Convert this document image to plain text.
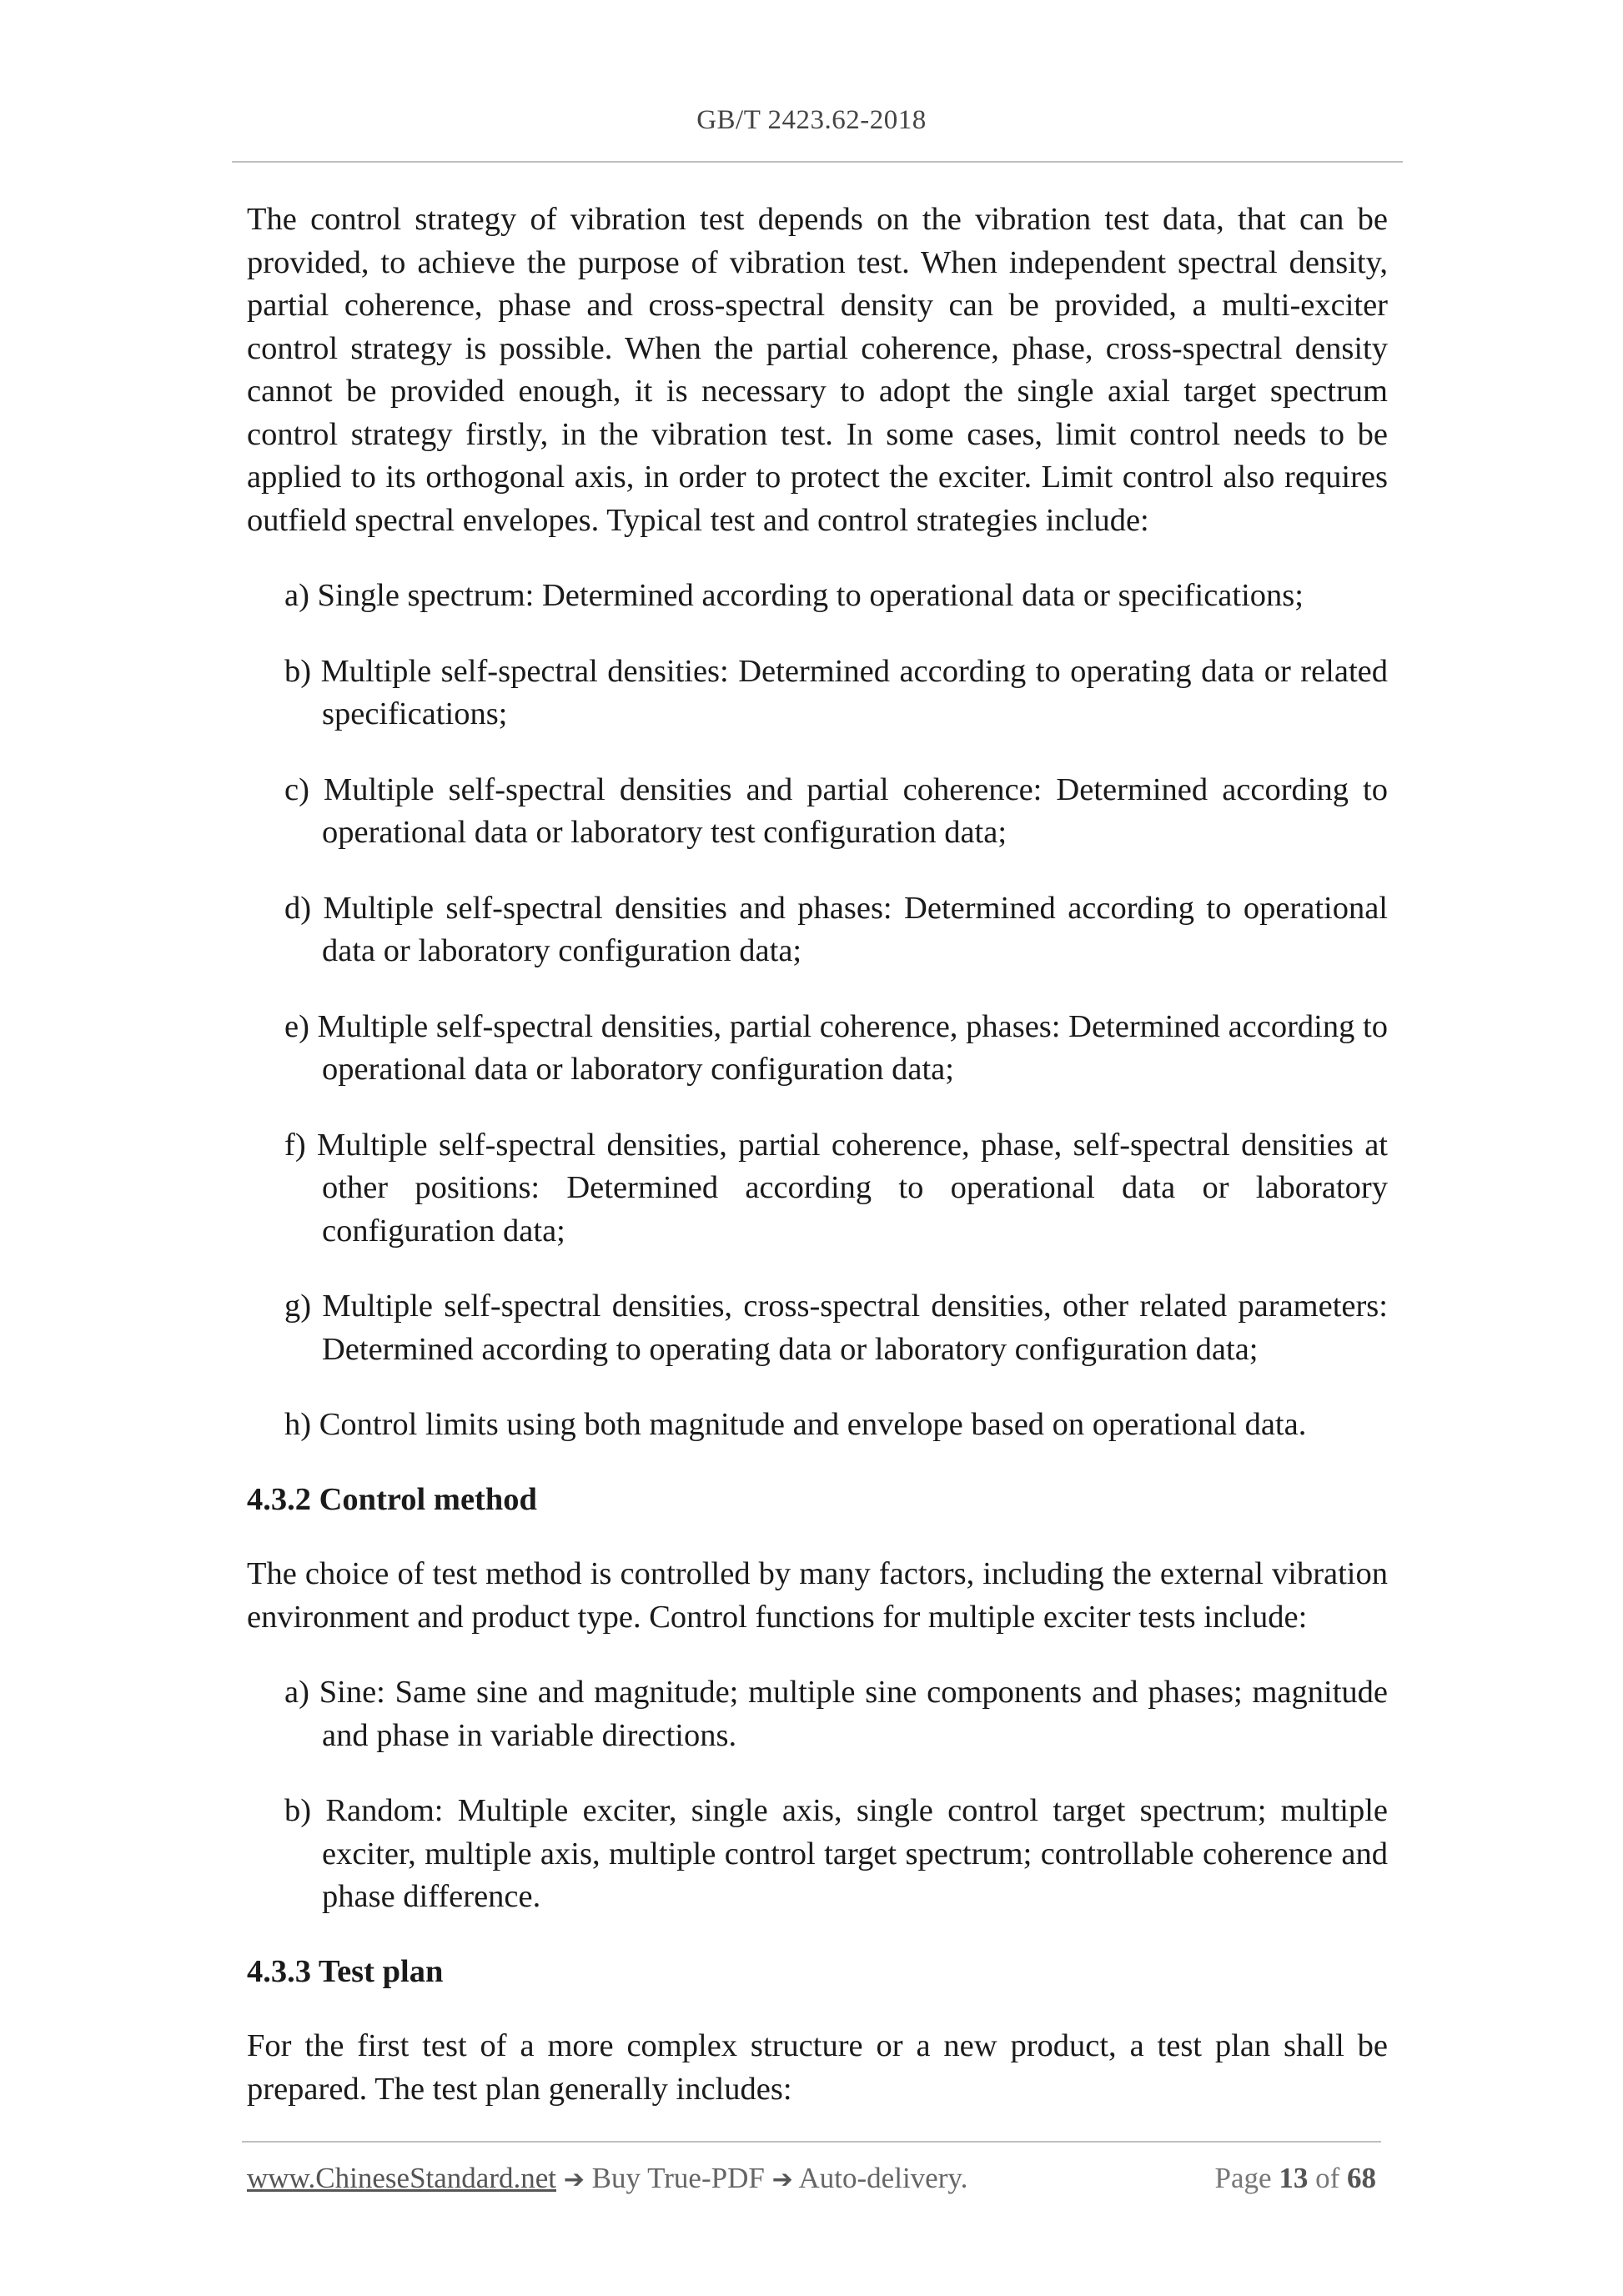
GB/T 2423.62-2018

The control strategy of vibration test depends on the vibration test data, that can be provided, to achieve the purpose of vibration test. When independent spectral density, partial coherence, phase and cross-spectral density can be provided, a multi-exciter control strategy is possible. When the partial coherence, phase, cross-spectral density cannot be provided enough, it is necessary to adopt the single axial target spectrum control strategy firstly, in the vibration test. In some cases, limit control needs to be applied to its orthogonal axis, in order to protect the exciter. Limit control also requires outfield spectral envelopes. Typical test and control strategies include:

a) Single spectrum: Determined according to operational data or specifications;

b) Multiple self-spectral densities: Determined according to operating data or related specifications;

c) Multiple self-spectral densities and partial coherence: Determined according to operational data or laboratory test configuration data;

d) Multiple self-spectral densities and phases: Determined according to operational data or laboratory configuration data;

e) Multiple self-spectral densities, partial coherence, phases: Determined according to operational data or laboratory configuration data;

f) Multiple self-spectral densities, partial coherence, phase, self-spectral densities at other positions: Determined according to operational data or laboratory configuration data;

g) Multiple self-spectral densities, cross-spectral densities, other related parameters: Determined according to operating data or laboratory configuration data;

h) Control limits using both magnitude and envelope based on operational data.

4.3.2 Control method

The choice of test method is controlled by many factors, including the external vibration environment and product type. Control functions for multiple exciter tests include:

a) Sine: Same sine and magnitude; multiple sine components and phases; magnitude and phase in variable directions.

b) Random: Multiple exciter, single axis, single control target spectrum; multiple exciter, multiple axis, multiple control target spectrum; controllable coherence and phase difference.

4.3.3 Test plan

For the first test of a more complex structure or a new product, a test plan shall be prepared. The test plan generally includes:

www.ChineseStandard.net ➔ Buy True-PDF ➔ Auto-delivery.	Page 13 of 68
